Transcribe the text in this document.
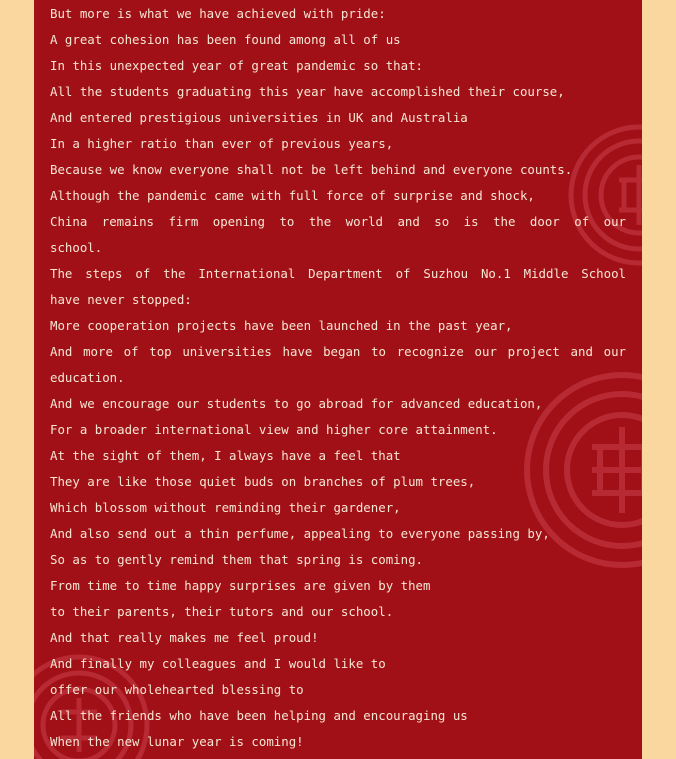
But more is what we have achieved with pride:
A great cohesion has been found among all of us
In this unexpected year of great pandemic so that:
All the students graduating this year have accomplished their course,
And entered prestigious universities in UK and Australia
In a higher ratio than ever of previous years,
Because we know everyone shall not be left behind and everyone counts.
Although the pandemic came with full force of surprise and shock,
China remains firm opening to the world and so is the door of our
school.
The steps of the International Department of Suzhou No.1 Middle School
have never stopped:
More cooperation projects have been launched in the past year,
And more of top universities have began to recognize our project and our
education.
And we encourage our students to go abroad for advanced education,
For a broader international view and higher core attainment.
At the sight of them, I always have a feel that
They are like those quiet buds on branches of plum trees,
Which blossom without reminding their gardener,
And also send out a thin perfume, appealing to everyone passing by,
So as to gently remind them that spring is coming.
From time to time happy surprises are given by them
to their parents, their tutors and our school.
And that really makes me feel proud!
And finally my colleagues and I would like to
offer our wholehearted blessing to
All the friends who have been helping and encouraging us
When the new lunar year is coming!
